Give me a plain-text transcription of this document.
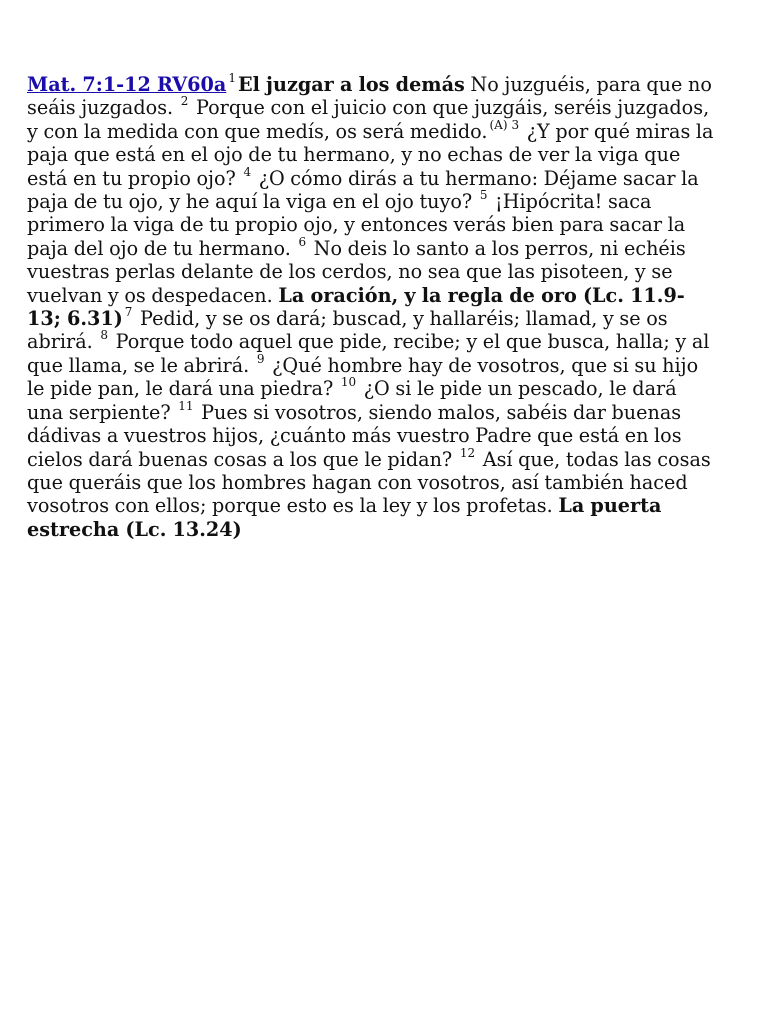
Mat. 7:1-12 RV60a $^1$ El juzgar a los demás No juzguéis, para que no seáis juzgados. $^2$ Porque con el juicio con que juzgáis, seréis juzgados, y con la medida con que medís, os será medido. $^{(A)}$ $^3$ ¿Y por qué miras la paja que está en el ojo de tu hermano, y no echas de ver la viga que está en tu propio ojo? $^4$ ¿O cómo dirás a tu hermano: Déjame sacar la paja de tu ojo, y he aquí la viga en el ojo tuyo? $^5$ ¡Hipócrita! saca primero la viga de tu propio ojo, y entonces verás bien para sacar la paja del ojo de tu hermano. $^6$ No deis lo santo a los perros, ni echéis vuestras perlas delante de los cerdos, no sea que las pisoteen, y se vuelvan y os despedacen. La oración, y la regla de oro (Lc. 11.9-13; 6.31) $^7$ Pedid, y se os dará; buscad, y hallaréis; llamad, y se os abrirá. $^8$ Porque todo aquel que pide, recibe; y el que busca, halla; y al que llama, se le abrirá. $^9$ ¿Qué hombre hay de vosotros, que si su hijo le pide pan, le dará una piedra? $^{10}$ ¿O si le pide un pescado, le dará una serpiente? $^{11}$ Pues si vosotros, siendo malos, sabéis dar buenas dádivas a vuestros hijos, ¿cuánto más vuestro Padre que está en los cielos dará buenas cosas a los que le pidan? $^{12}$ Así que, todas las cosas que queráis que los hombres hagan con vosotros, así también haced vosotros con ellos; porque esto es la ley y los profetas. La puerta estrecha (Lc. 13.24)
